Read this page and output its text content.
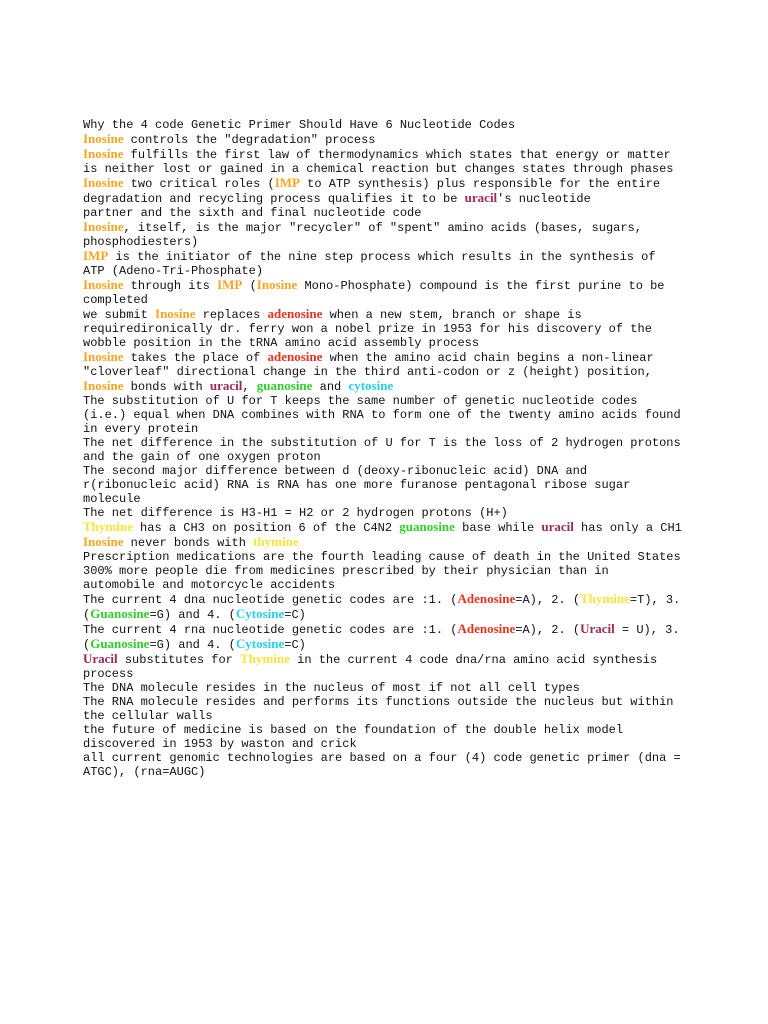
Why the 4 code Genetic Primer Should Have 6 Nucleotide Codes

Inosine controls the "degradation" process

Inosine fulfills the first law of thermodynamics which states that energy or matter is neither lost or gained in a chemical reaction but changes states through phases

Inosine two critical roles (IMP to ATP synthesis) plus responsible for the entire degradation and recycling process qualifies it to be uracil's nucleotide

partner and the sixth and final nucleotide code

Inosine, itself, is the major "recycler" of "spent" amino acids (bases, sugars, phosphodiesters)

IMP is the initiator of the nine step process which results in the synthesis of ATP (Adeno-Tri-Phosphate)

Inosine through its IMP (Inosine Mono-Phosphate) compound is the first purine to be completed

we submit Inosine replaces adenosine when a new stem, branch or shape is requiredironically dr. ferry won a nobel prize in 1953 for his discovery of the wobble position in the tRNA amino acid assembly process

Inosine takes the place of adenosine when the amino acid chain begins a non-linear "cloverleaf" directional change in the third anti-codon or z (height) position, Inosine bonds with uracil, guanosine and cytosine

The substitution of U for T keeps the same number of genetic nucleotide codes (i.e.) equal when DNA combines with RNA to form one of the twenty amino acids found in every protein

The net difference in the substitution of U for T is the loss of 2 hydrogen protons and the gain of one oxygen proton

The second major difference between d (deoxy-ribonucleic acid) DNA and r(ribonucleic acid) RNA is RNA has one more furanose pentagonal ribose sugar molecule

The net difference is H3-H1 = H2 or 2 hydrogen protons (H+)

Thymine has a CH3 on position 6 of the C4N2 guanosine base while uracil has only a CH1

Inosine never bonds with thymine

Prescription medications are the fourth leading cause of death in the United States

300% more people die from medicines prescribed by their physician than in automobile and motorcycle accidents

The current 4 dna nucleotide genetic codes are :1. (Adenosine=A), 2. (Thymine=T), 3. (Guanosine=G) and 4. (Cytosine=C)

The current 4 rna nucleotide genetic codes are :1. (Adenosine=A), 2. (Uracil = U), 3. (Guanosine=G) and 4. (Cytosine=C)

Uracil substitutes for Thymine in the current 4 code dna/rna amino acid synthesis process

The DNA molecule resides in the nucleus of most if not all cell types

The RNA molecule resides and performs its functions outside the nucleus but within the cellular walls

the future of medicine is based on the foundation of the double helix model discovered in 1953 by waston and crick

all current genomic technologies are based on a four (4) code genetic primer (dna = ATGC), (rna=AUGC)
